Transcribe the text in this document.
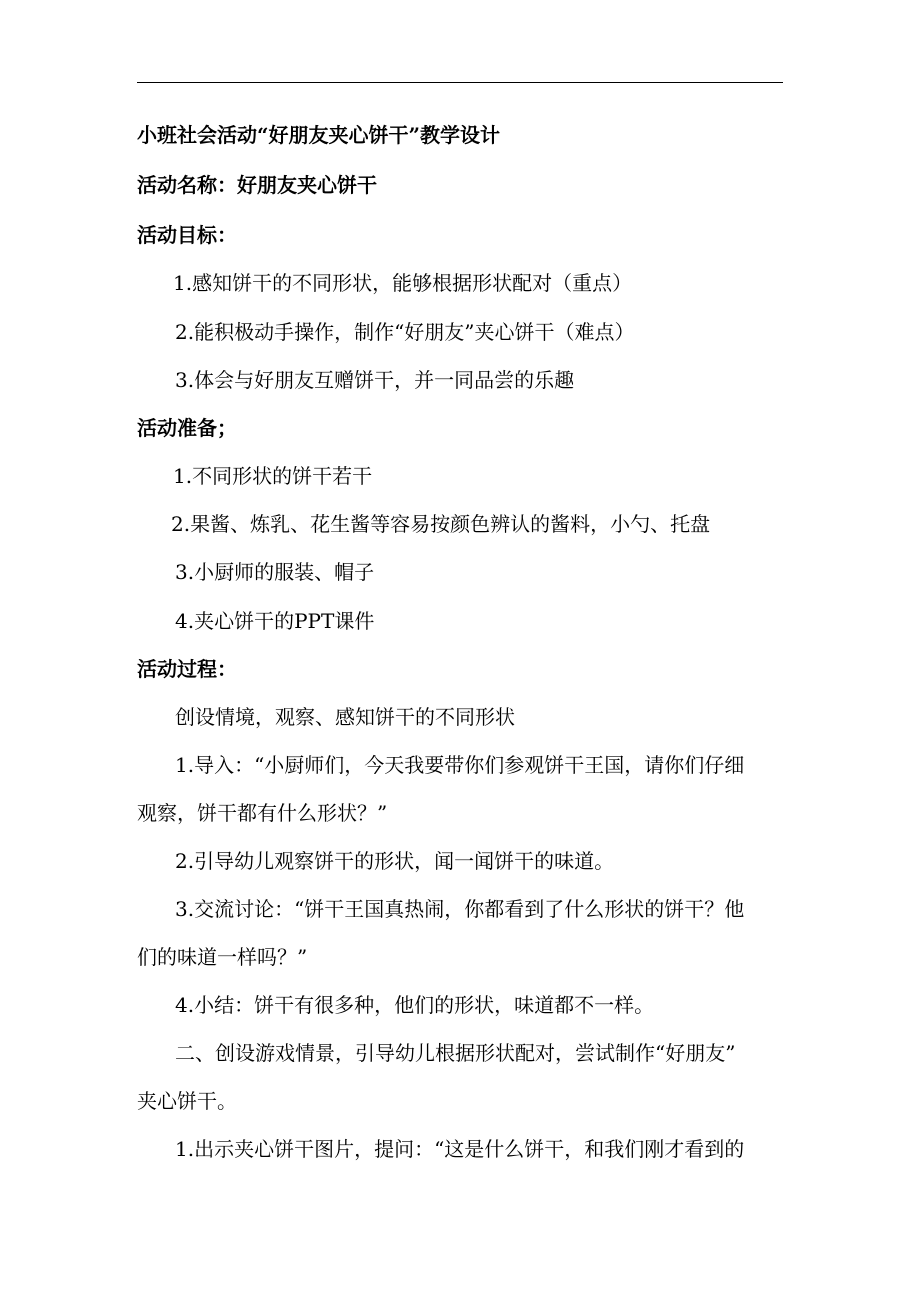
小班社会活动“好朋友夹心饼干”教学设计
活动名称：好朋友夹心饼干
活动目标：
1.感知饼干的不同形状，能够根据形状配对（重点）
2.能积极动手操作，制作“好朋友”夹心饼干（难点）
3.体会与好朋友互赠饼干，并一同品尝的乐趣
活动准备；
1.不同形状的饼干若干
2.果酱、炼乳、花生酱等容易按颜色辨认的酱料，小勺、托盘
3.小厨师的服装、帽子
4.夹心饼干的PPT课件
活动过程：
创设情境，观察、感知饼干的不同形状
1.导入：“小厨师们，今天我要带你们参观饼干王国，请你们仔细
观察，饼干都有什么形状？”
2.引导幼儿观察饼干的形状，闻一闻饼干的味道。
3.交流讨论：“饼干王国真热闹，你都看到了什么形状的饼干？他
们的味道一样吗？”
4.小结：饼干有很多种，他们的形状，味道都不一样。
二、创设游戏情景，引导幼儿根据形状配对，尝试制作“好朋友”
夹心饼干。
1.出示夹心饼干图片，提问：“这是什么饼干，和我们刚才看到的
